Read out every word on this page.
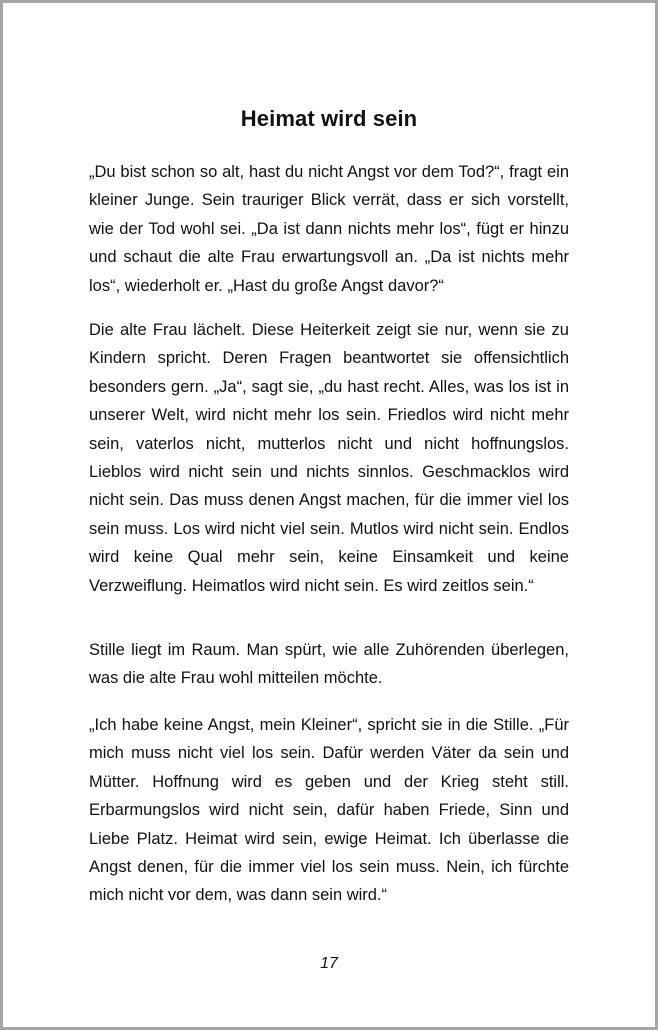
Heimat wird sein

„Du bist schon so alt, hast du nicht Angst vor dem Tod?“, fragt ein kleiner Junge. Sein trauriger Blick verrät, dass er sich vorstellt, wie der Tod wohl sei. „Da ist dann nichts mehr los“, fügt er hinzu und schaut die alte Frau erwartungsvoll an. „Da ist nichts mehr los“, wiederholt er. „Hast du große Angst davor?“

Die alte Frau lächelt. Diese Heiterkeit zeigt sie nur, wenn sie zu Kindern spricht. Deren Fragen beantwortet sie offensichtlich besonders gern. „Ja“, sagt sie, „du hast recht. Alles, was los ist in unserer Welt, wird nicht mehr los sein. Friedlos wird nicht mehr sein, vaterlos nicht, mutterlos nicht und nicht hoffnungslos. Lieblos wird nicht sein und nichts sinnlos. Geschmacklos wird nicht sein. Das muss denen Angst machen, für die immer viel los sein muss. Los wird nicht viel sein. Mutlos wird nicht sein. Endlos wird keine Qual mehr sein, keine Einsamkeit und keine Verzweiflung. Heimatlos wird nicht sein. Es wird zeitlos sein.“

Stille liegt im Raum. Man spürt, wie alle Zuhörenden überlegen, was die alte Frau wohl mitteilen möchte.

„Ich habe keine Angst, mein Kleiner“, spricht sie in die Stille. „Für mich muss nicht viel los sein. Dafür werden Väter da sein und Mütter. Hoffnung wird es geben und der Krieg steht still. Erbarmungslos wird nicht sein, dafür haben Friede, Sinn und Liebe Platz. Heimat wird sein, ewige Heimat. Ich überlasse die Angst denen, für die immer viel los sein muss. Nein, ich fürchte mich nicht vor dem, was dann sein wird.“

17
